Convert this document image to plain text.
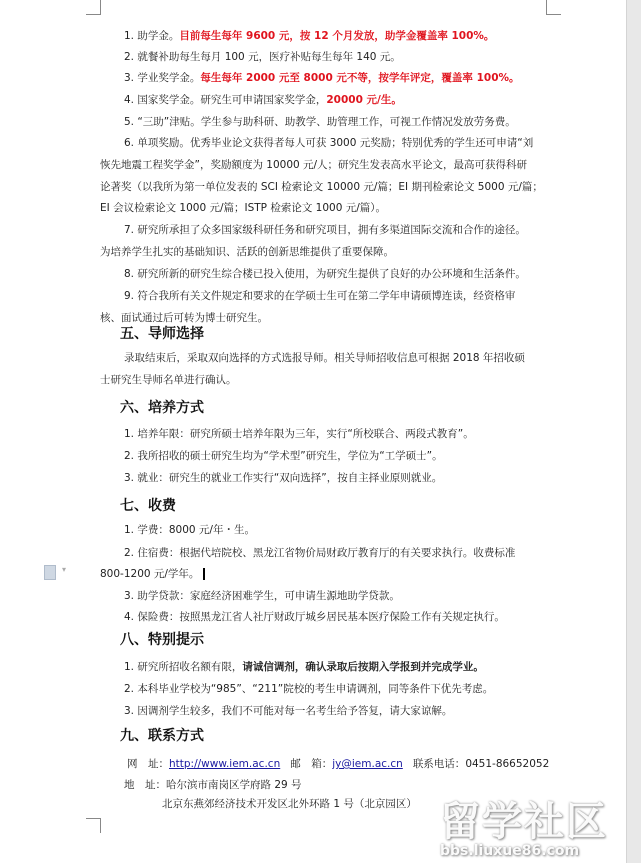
▾
网　址：http://www.iem.ac.cn 邮　箱：jy@iem.ac.cn 联系电话：0451-86652052
地　址：哈尔滨市南岗区学府路 29 号
北京东燕郊经济技术开发区北外环路 1 号（北京园区） 留学社区
bbs.liuxue86.com
1. 助学金。目前每生每年 9600 元，按 12 个月发放，助学金覆盖率 100%。
2. 就餐补助每生每月 100 元，医疗补贴每生每年 140 元。
3. 学业奖学金。每生每年 2000 元至 8000 元不等，按学年评定，覆盖率 100%。
4. 国家奖学金。研究生可申请国家奖学金，20000 元/生。
5. “三助”津贴。学生参与助科研、助教学、助管理工作，可视工作情况发放劳务费。
6. 单项奖励。优秀毕业论文获得者每人可获 3000 元奖励；特别优秀的学生还可申请“刘
恢先地震工程奖学金”，奖励额度为 10000 元/人；研究生发表高水平论文，最高可获得科研
论著奖（以我所为第一单位发表的 SCI 检索论文 10000 元/篇；EI 期刊检索论文 5000 元/篇；
EI 会议检索论文 1000 元/篇；ISTP 检索论文 1000 元/篇）。
7. 研究所承担了众多国家级科研任务和研究项目，拥有多渠道国际交流和合作的途径。
为培养学生扎实的基础知识、活跃的创新思维提供了重要保障。
8. 研究所新的研究生综合楼已投入使用，为研究生提供了良好的办公环境和生活条件。
9. 符合我所有关文件规定和要求的在学硕士生可在第二学年申请硕博连读，经资格审
核、面试通过后可转为博士研究生。
五、导师选择
录取结束后，采取双向选择的方式选报导师。相关导师招收信息可根据 2018 年招收硕
士研究生导师名单进行确认。
六、培养方式
1. 培养年限：研究所硕士培养年限为三年，实行“所校联合、两段式教育”。
2. 我所招收的硕士研究生均为“学术型”研究生，学位为“工学硕士”。
3. 就业：研究生的就业工作实行“双向选择”，按自主择业原则就业。
七、收费
1. 学费：8000 元/年・生。
2. 住宿费：根据代培院校、黑龙江省物价局财政厅教育厅的有关要求执行。收费标准
800-1200 元/学年。
3. 助学贷款：家庭经济困难学生，可申请生源地助学贷款。
4. 保险费：按照黑龙江省人社厅财政厅城乡居民基本医疗保险工作有关规定执行。
八、特别提示
1. 研究所招收名额有限，请诚信调剂，确认录取后按期入学报到并完成学业。
2. 本科毕业学校为“985”、“211”院校的考生申请调剂，同等条件下优先考虑。
3. 因调剂学生较多，我们不可能对每一名考生给予答复，请大家谅解。
九、联系方式
